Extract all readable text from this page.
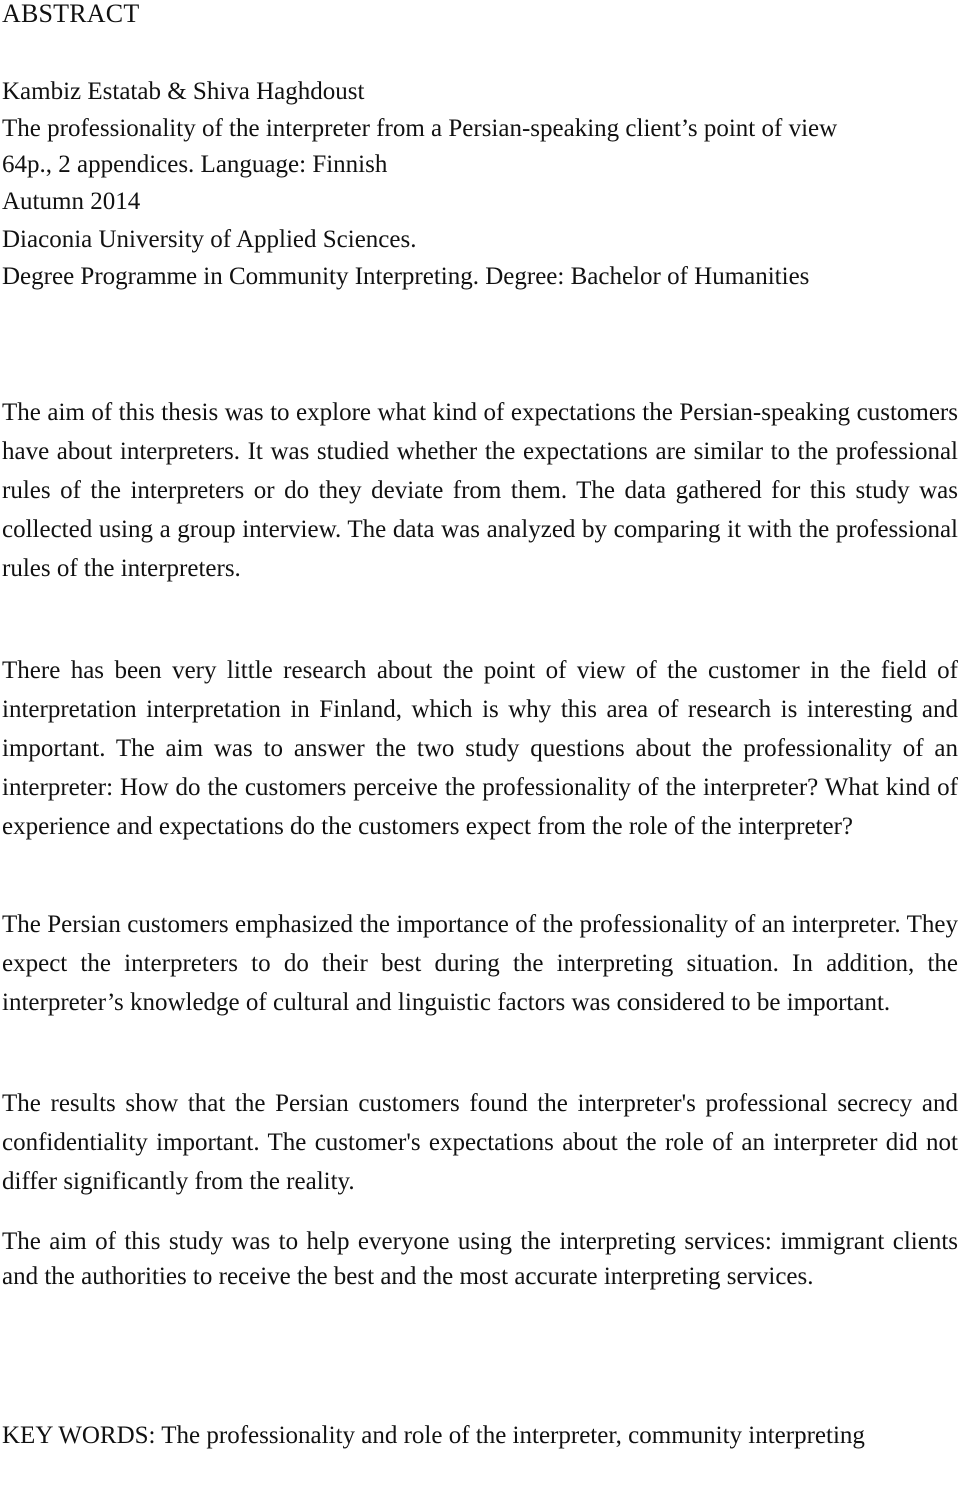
ABSTRACT
Kambiz Estatab & Shiva Haghdoust
The professionality of the interpreter from a Persian-speaking client’s point of view
64p., 2 appendices. Language: Finnish
Autumn 2014
Diaconia University of Applied Sciences.
Degree Programme in Community Interpreting. Degree: Bachelor of Humanities

The aim of this thesis was to explore what kind of expectations the Persian-speaking customers have about interpreters. It was studied whether the expectations are similar to the professional rules of the interpreters or do they deviate from them. The data gathered for this study was collected using a group interview. The data was analyzed by comparing it with the professional rules of the interpreters.

There has been very little research about the point of view of the customer in the field of interpretation interpretation in Finland, which is why this area of research is interesting and important. The aim was to answer the two study questions about the professionality of an interpreter: How do the customers perceive the professionality of the interpreter? What kind of experience and expectations do the customers expect from the role of the interpreter?

The Persian customers emphasized the importance of the professionality of an interpreter. They expect the interpreters to do their best during the interpreting situation. In addition, the interpreter’s knowledge of cultural and linguistic factors was considered to be important.

The results show that the Persian customers found the interpreter's professional secrecy and confidentiality important. The customer's expectations about the role of an interpreter did not differ significantly from the reality.

The aim of this study was to help everyone using the interpreting services: immigrant clients and the authorities to receive the best and the most accurate interpreting services.

KEY WORDS: The professionality and role of the interpreter, community interpreting
